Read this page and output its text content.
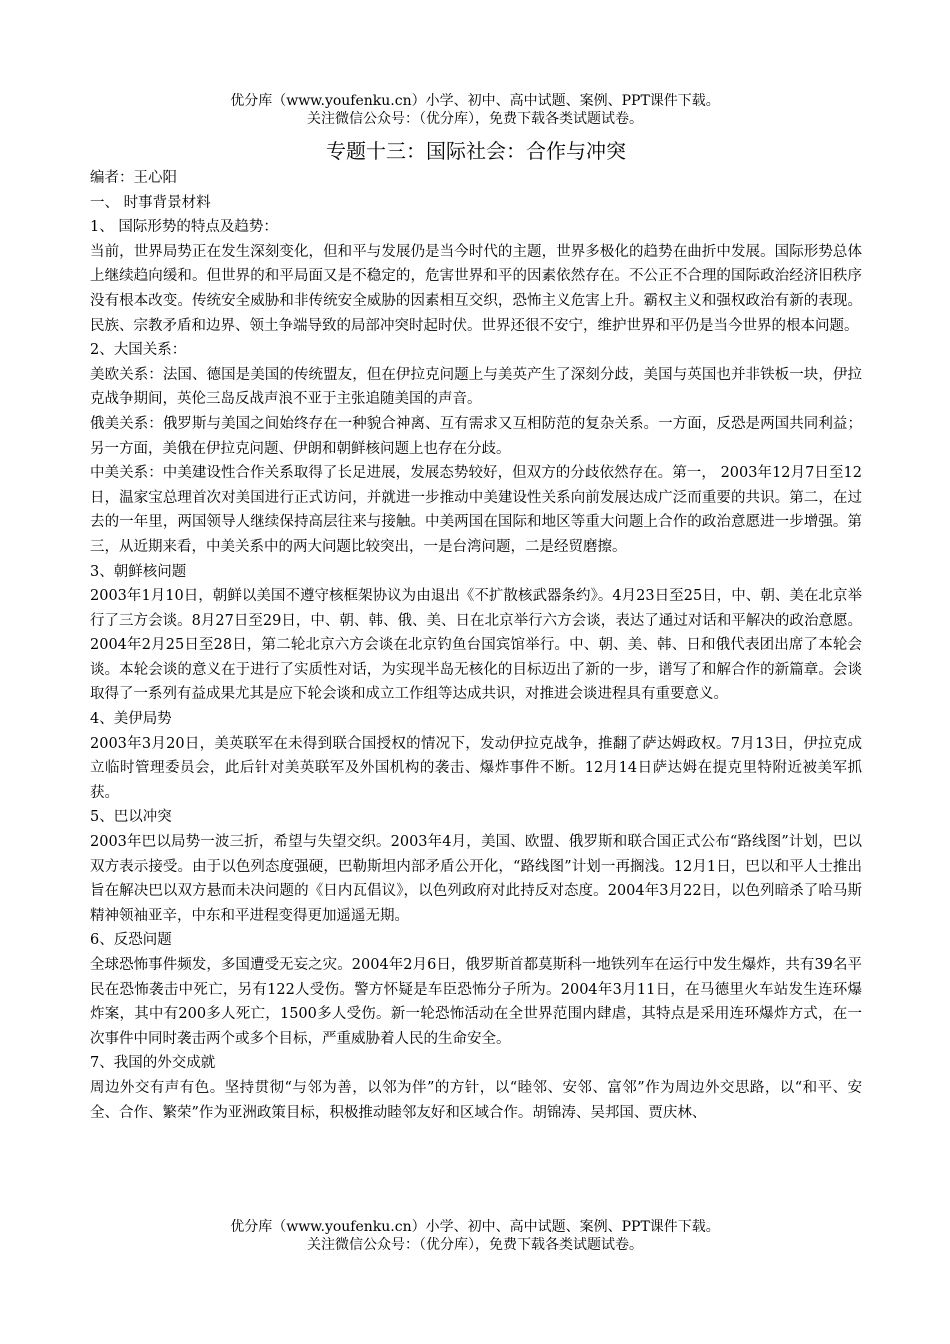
优分库（www.youfenku.cn）小学、初中、高中试题、案例、PPT课件下载。
关注微信公众号：（优分库），免费下载各类试题试卷。
专题十三：国际社会：合作与冲突

编者：王心阳

一、 时事背景材料

1、 国际形势的特点及趋势：

当前，世界局势正在发生深刻变化，但和平与发展仍是当今时代的主题，世界多极化的趋势在曲折中发展。国际形势总体上继续趋向缓和。但世界的和平局面又是不稳定的，危害世界和平的因素依然存在。不公正不合理的国际政治经济旧秩序没有根本改变。传统安全威胁和非传统安全威胁的因素相互交织，恐怖主义危害上升。霸权主义和强权政治有新的表现。民族、宗教矛盾和边界、领土争端导致的局部冲突时起时伏。世界还很不安宁，维护世界和平仍是当今世界的根本问题。

2、大国关系：

美欧关系：法国、德国是美国的传统盟友，但在伊拉克问题上与美英产生了深刻分歧，美国与英国也并非铁板一块，伊拉克战争期间，英伦三岛反战声浪不亚于主张追随美国的声音。

俄美关系：俄罗斯与美国之间始终存在一种貌合神离、互有需求又互相防范的复杂关系。一方面，反恐是两国共同利益；另一方面，美俄在伊拉克问题、伊朗和朝鲜核问题上也存在分歧。

中美关系：中美建设性合作关系取得了长足进展，发展态势较好，但双方的分歧依然存在。第一， 2003年12月7日至12日，温家宝总理首次对美国进行正式访问，并就进一步推动中美建设性关系向前发展达成广泛而重要的共识。第二，在过去的一年里，两国领导人继续保持高层往来与接触。中美两国在国际和地区等重大问题上合作的政治意愿进一步增强。第三，从近期来看，中美关系中的两大问题比较突出，一是台湾问题，二是经贸磨擦。

3、朝鲜核问题

2003年1月10日，朝鲜以美国不遵守核框架协议为由退出《不扩散核武器条约》。4月23日至25日，中、朝、美在北京举行了三方会谈。8月27日至29日，中、朝、韩、俄、美、日在北京举行六方会谈，表达了通过对话和平解决的政治意愿。2004年2月25日至28日，第二轮北京六方会谈在北京钓鱼台国宾馆举行。中、朝、美、韩、日和俄代表团出席了本轮会谈。本轮会谈的意义在于进行了实质性对话，为实现半岛无核化的目标迈出了新的一步，谱写了和解合作的新篇章。会谈取得了一系列有益成果尤其是应下轮会谈和成立工作组等达成共识，对推进会谈进程具有重要意义。

4、美伊局势

2003年3月20日，美英联军在未得到联合国授权的情况下，发动伊拉克战争，推翻了萨达姆政权。7月13日，伊拉克成立临时管理委员会，此后针对美英联军及外国机构的袭击、爆炸事件不断。12月14日萨达姆在提克里特附近被美军抓获。

5、巴以冲突

2003年巴以局势一波三折，希望与失望交织。2003年4月，美国、欧盟、俄罗斯和联合国正式公布“路线图”计划，巴以双方表示接受。由于以色列态度强硬，巴勒斯坦内部矛盾公开化，“路线图”计划一再搁浅。12月1日，巴以和平人士推出旨在解决巴以双方悬而未决问题的《日内瓦倡议》，以色列政府对此持反对态度。2004年3月22日，以色列暗杀了哈马斯精神领袖亚辛，中东和平进程变得更加遥遥无期。

6、反恐问题

全球恐怖事件频发，多国遭受无妄之灾。2004年2月6日，俄罗斯首都莫斯科一地铁列车在运行中发生爆炸，共有39名平民在恐怖袭击中死亡，另有122人受伤。警方怀疑是车臣恐怖分子所为。2004年3月11日，在马德里火车站发生连环爆炸案，其中有200多人死亡，1500多人受伤。新一轮恐怖活动在全世界范围内肆虐，其特点是采用连环爆炸方式，在一次事件中同时袭击两个或多个目标，严重威胁着人民的生命安全。

7、我国的外交成就

周边外交有声有色。坚持贯彻“与邻为善，以邻为伴”的方针，以“睦邻、安邻、富邻”作为周边外交思路，以“和平、安全、合作、繁荣”作为亚洲政策目标，积极推动睦邻友好和区域合作。胡锦涛、吴邦国、贾庆林、

优分库（www.youfenku.cn）小学、初中、高中试题、案例、PPT课件下载。
关注微信公众号：（优分库），免费下载各类试题试卷。
